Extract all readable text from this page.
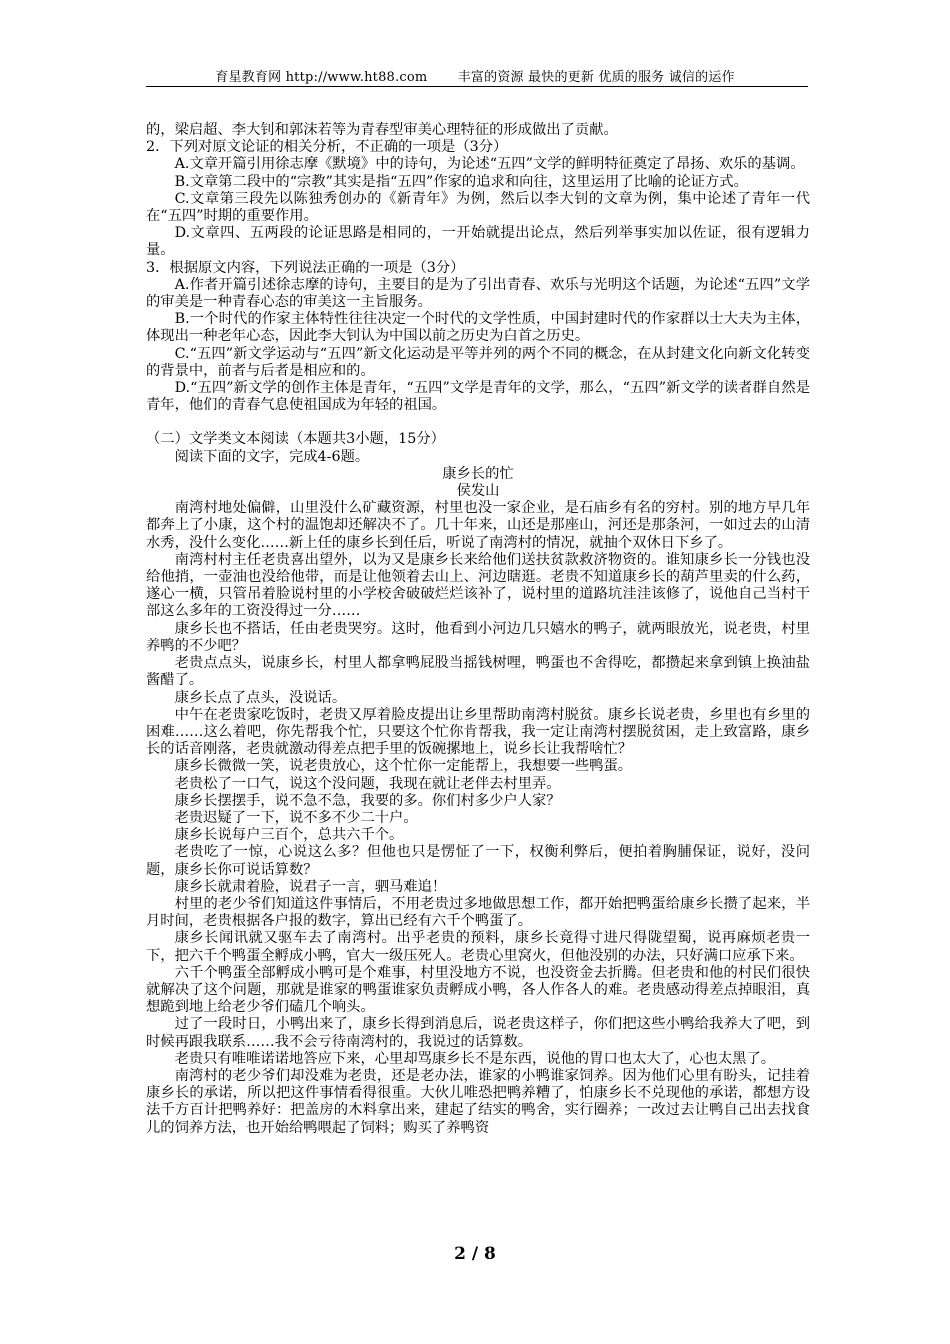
育星教育网 http://www.ht88.com 丰富的资源 最快的更新 优质的服务 诚信的运作

的，梁启超、李大钊和郭沫若等为青春型审美心理特征的形成做出了贡献。

2．下列对原文论证的相关分析，不正确的一项是（3分）

A.文章开篇引用徐志摩《默境》中的诗句，为论述“五四”文学的鲜明特征奠定了昂扬、欢乐的基调。

B.文章第二段中的“宗教”其实是指“五四”作家的追求和向往，这里运用了比喻的论证方式。

C.文章第三段先以陈独秀创办的《新青年》为例，然后以李大钊的文章为例，集中论述了青年一代在“五四”时期的重要作用。

D.文章四、五两段的论证思路是相同的，一开始就提出论点，然后列举事实加以佐证，很有逻辑力量。

3．根据原文内容，下列说法正确的一项是（3分）

A.作者开篇引述徐志摩的诗句，主要目的是为了引出青春、欢乐与光明这个话题，为论述“五四”文学的审美是一种青春心态的审美这一主旨服务。

B.一个时代的作家主体特性往往决定一个时代的文学性质，中国封建时代的作家群以士大夫为主体，体现出一种老年心态，因此李大钊认为中国以前之历史为白首之历史。

C.“五四”新文学运动与“五四”新文化运动是平等并列的两个不同的概念，在从封建文化向新文化转变的背景中，前者与后者是相应和的。

D.“五四”新文学的创作主体是青年，“五四”文学是青年的文学，那么，“五四”新文学的读者群自然是青年，他们的青春气息使祖国成为年轻的祖国。

（二）文学类文本阅读（本题共3小题，15分）

阅读下面的文字，完成4-6题。

康乡长的忙

侯发山

南湾村地处偏僻，山里没什么矿藏资源，村里也没一家企业，是石庙乡有名的穷村。别的地方早几年都奔上了小康，这个村的温饱却还解决不了。几十年来，山还是那座山，河还是那条河，一如过去的山清水秀，没什么变化……新上任的康乡长到任后，听说了南湾村的情况，就抽个双休日下乡了。

南湾村村主任老贵喜出望外，以为又是康乡长来给他们送扶贫款救济物资的。谁知康乡长一分钱也没给他捎，一壶油也没给他带，而是让他领着去山上、河边瞎逛。老贵不知道康乡长的葫芦里卖的什么药，遂心一横，只管吊着脸说村里的小学校舍破破烂烂该补了，说村里的道路坑洼洼该修了，说他自己当村干部这么多年的工资没得过一分……

康乡长也不搭话，任由老贵哭穷。这时，他看到小河边几只嬉水的鸭子，就两眼放光，说老贵，村里养鸭的不少吧？

老贵点点头，说康乡长，村里人都拿鸭屁股当摇钱树哩，鸭蛋也不舍得吃，都攒起来拿到镇上换油盐酱醋了。

康乡长点了点头，没说话。

中午在老贵家吃饭时，老贵又厚着脸皮提出让乡里帮助南湾村脱贫。康乡长说老贵，乡里也有乡里的困难……这么着吧，你先帮我个忙，只要这个忙你肯帮我，我一定让南湾村摆脱贫困，走上致富路，康乡长的话音刚落，老贵就激动得差点把手里的饭碗摞地上，说乡长让我帮啥忙？

康乡长微微一笑，说老贵放心，这个忙你一定能帮上，我想要一些鸭蛋。

老贵松了一口气，说这个没问题，我现在就让老伴去村里弄。

康乡长摆摆手，说不急不急，我要的多。你们村多少户人家？

老贵迟疑了一下，说不多不少二十户。

康乡长说每户三百个，总共六千个。

老贵吃了一惊，心说这么多？但他也只是愣怔了一下，权衡利弊后，便拍着胸脯保证，说好，没问题，康乡长你可说话算数？

康乡长就肃着脸，说君子一言，驷马难追！

村里的老少爷们知道这件事情后，不用老贵过多地做思想工作，都开始把鸭蛋给康乡长攒了起来，半月时间，老贵根据各户报的数字，算出已经有六千个鸭蛋了。

康乡长闻讯就又驱车去了南湾村。出乎老贵的预料，康乡长竟得寸进尺得陇望蜀，说再麻烦老贵一下，把六千个鸭蛋全孵成小鸭，官大一级压死人。老贵心里窝火，但他没别的办法，只好满口应承下来。

六千个鸭蛋全部孵成小鸭可是个难事，村里没地方不说，也没资金去折腾。但老贵和他的村民们很快就解决了这个问题，那就是谁家的鸭蛋谁家负责孵成小鸭，各人作各人的难。老贵感动得差点掉眼泪，真想跪到地上给老少爷们磕几个响头。

过了一段时日，小鸭出来了，康乡长得到消息后，说老贵这样子，你们把这些小鸭给我养大了吧，到时候再跟我联系……我不会亏待南湾村的，我说过的话算数。

老贵只有唯唯诺诺地答应下来，心里却骂康乡长不是东西，说他的胃口也太大了，心也太黑了。

南湾村的老少爷们却没难为老贵，还是老办法，谁家的小鸭谁家饲养。因为他们心里有盼头，记挂着康乡长的承诺，所以把这件事情看得很重。大伙儿唯恐把鸭养糟了，怕康乡长不兑现他的承诺，都想方设法千方百计把鸭养好：把盖房的木料拿出来，建起了结实的鸭舍，实行圈养；一改过去让鸭自己出去找食儿的饲养方法，也开始给鸭喂起了饲料；购买了养鸭资

2 / 8
